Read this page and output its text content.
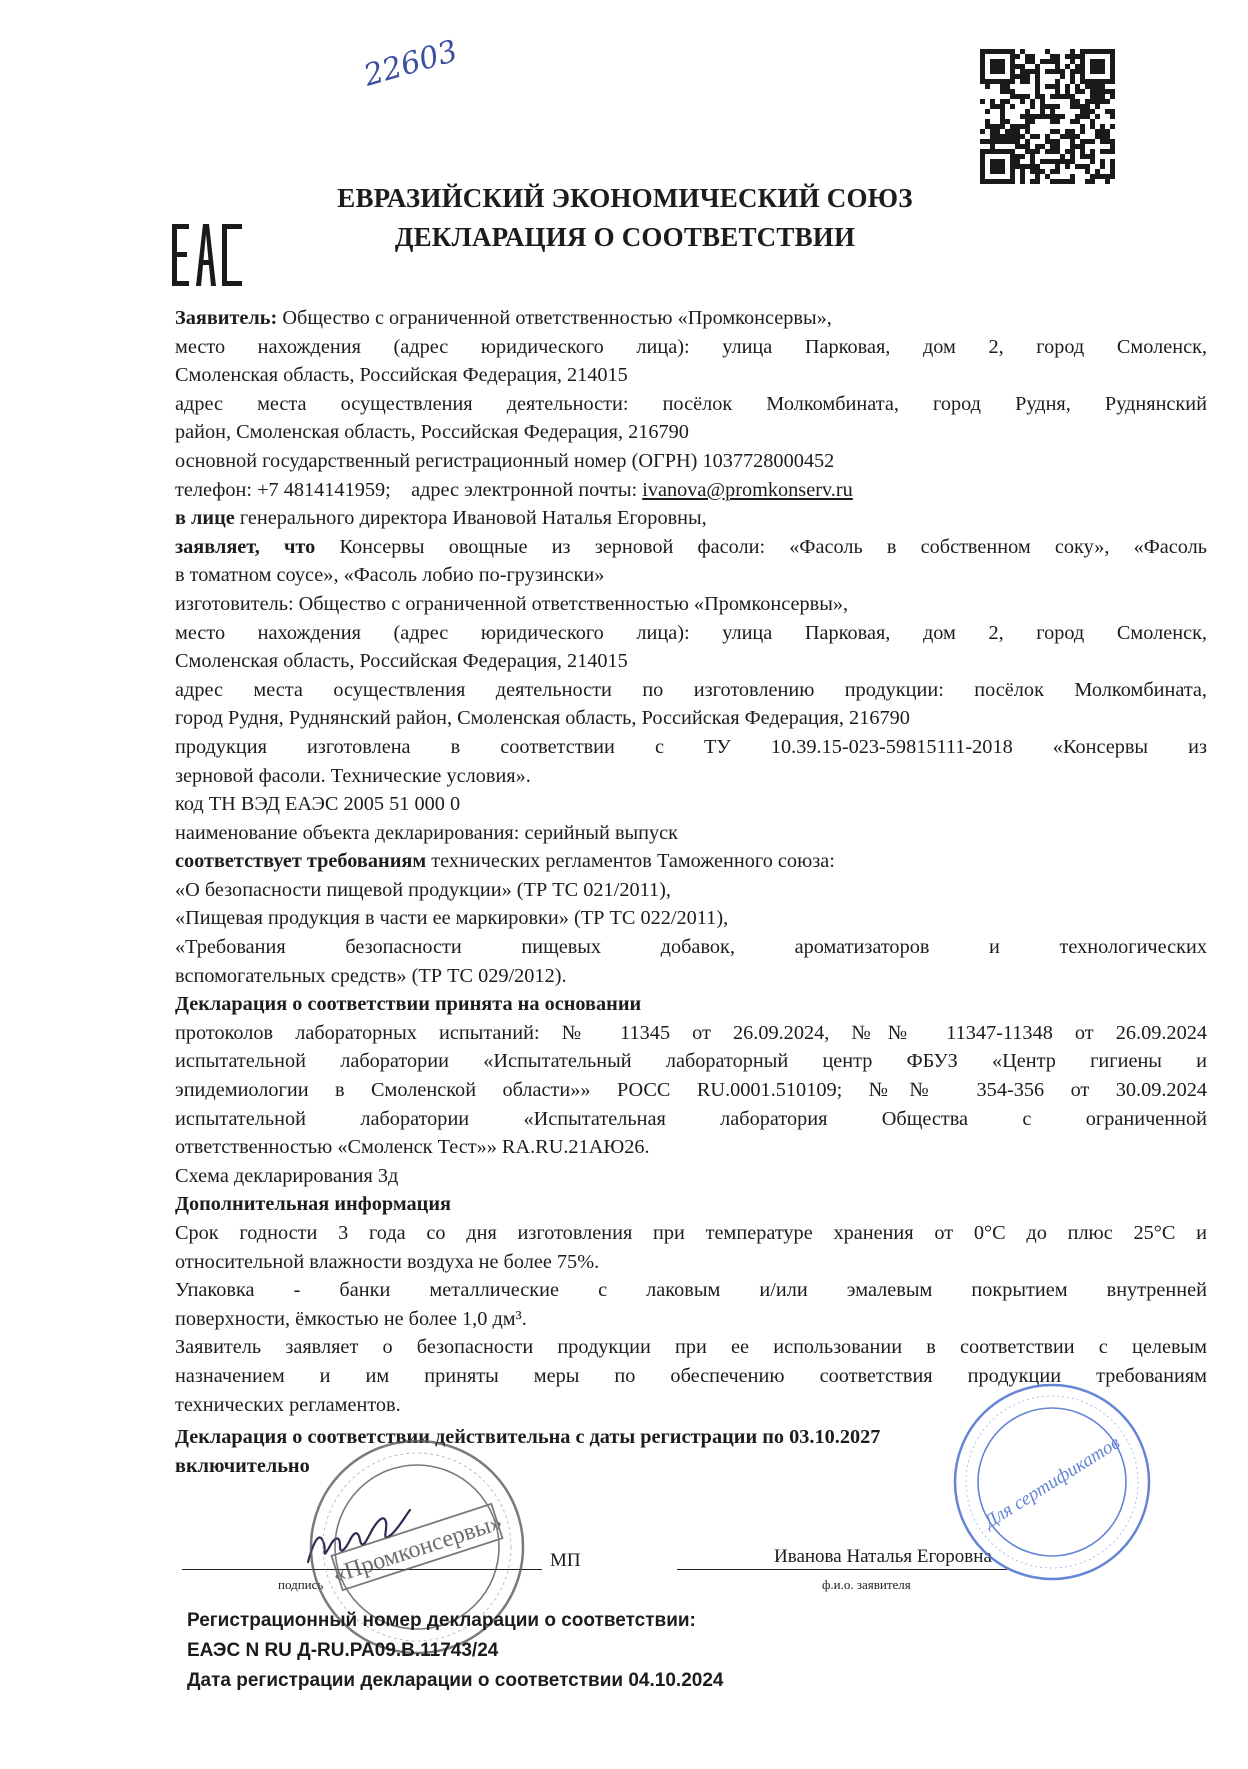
22603
ЕВРАЗИЙСКИЙ ЭКОНОМИЧЕСКИЙ СОЮЗ
ДЕКЛАРАЦИЯ О СООТВЕТСТВИИ

Заявитель: Общество с ограниченной ответственностью «Промконсервы»,

место нахождения (адрес юридического лица): улица Парковая, дом 2, город Смоленск,

Смоленская область, Российская Федерация, 214015

адрес места осуществления деятельности: посёлок Молкомбината, город Рудня, Руднянский

район, Смоленская область, Российская Федерация, 216790

основной государственный регистрационный номер (ОГРН) 1037728000452

телефон: +7 4814141959; адрес электронной почты: ivanova@promkonserv.ru

в лице генерального директора Ивановой Наталья Егоровны,

заявляет, что Консервы овощные из зерновой фасоли: «Фасоль в собственном соку», «Фасоль

в томатном соусе», «Фасоль лобио по-грузински»

изготовитель: Общество с ограниченной ответственностью «Промконсервы»,

место нахождения (адрес юридического лица): улица Парковая, дом 2, город Смоленск,

Смоленская область, Российская Федерация, 214015

адрес места осуществления деятельности по изготовлению продукции: посёлок Молкомбината,

город Рудня, Руднянский район, Смоленская область, Российская Федерация, 216790

продукция изготовлена в соответствии с ТУ 10.39.15-023-59815111-2018 «Консервы из

зерновой фасоли. Технические условия».

код ТН ВЭД ЕАЭС 2005 51 000 0

наименование объекта декларирования: серийный выпуск

соответствует требованиям технических регламентов Таможенного союза:

«О безопасности пищевой продукции» (ТР ТС 021/2011),

«Пищевая продукция в части ее маркировки» (ТР ТС 022/2011),

«Требования безопасности пищевых добавок, ароматизаторов и технологических

вспомогательных средств» (ТР ТС 029/2012).

Декларация о соответствии принята на основании

протоколов лабораторных испытаний: № 11345 от 26.09.2024, №№ 11347-11348 от 26.09.2024

испытательной лаборатории «Испытательный лабораторный центр ФБУЗ «Центр гигиены и

эпидемиологии в Смоленской области»» РОСС RU.0001.510109; №№ 354-356 от 30.09.2024

испытательной лаборатории «Испытательная лаборатория Общества с ограниченной

ответственностью «Смоленск Тест»» RA.RU.21АЮ26.

Схема декларирования 3д

Дополнительная информация

Срок годности 3 года со дня изготовления при температуре хранения от 0°С до плюс 25°С и

относительной влажности воздуха не более 75%.

Упаковка - банки металлические с лаковым и/или эмалевым покрытием внутренней

поверхности, ёмкостью не более 1,0 дм³.

Заявитель заявляет о безопасности продукции при ее использовании в соответствии с целевым

назначением и им приняты меры по обеспечению соответствия продукции требованиям

технических регламентов.

Декларация о соответствии действительна с даты регистрации по 03.10.2027

включительно

МП	Иванова Наталья Егоровна
подпись	ф.и.о. заявителя
«Промконсервы»
Для сертификатов
Регистрационный номер декларации о соответствии:
ЕАЭС N RU Д-RU.PA09.B.11743/24
Дата регистрации декларации о соответствии 04.10.2024
